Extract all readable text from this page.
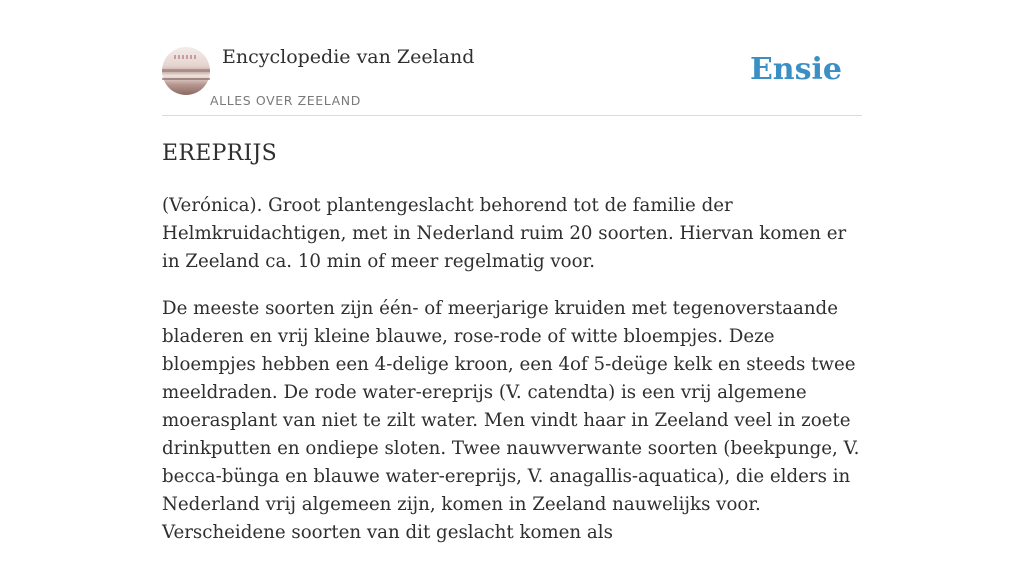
Encyclopedie van Zeeland
ALLES OVER ZEELAND
Ensie
EREPRIJS

(Verónica). Groot plantengeslacht behorend tot de familie der Helmkruidachtigen, met in Nederland ruim 20 soorten. Hiervan komen er in Zeeland ca. 10 min of meer regelmatig voor.

De meeste soorten zijn één- of meerjarige kruiden met tegenoverstaande bladeren en vrij kleine blauwe, rose-rode of witte bloempjes. Deze bloempjes hebben een 4-delige kroon, een 4of 5-deüge kelk en steeds twee meeldraden. De rode water-ereprijs (V. catendta) is een vrij algemene moerasplant van niet te zilt water. Men vindt haar in Zeeland veel in zoete drinkputten en ondiepe sloten. Twee nauwverwante soorten (beekpunge, V. becca-bünga en blauwe water-ereprijs, V. anagallis-aquatica), die elders in Nederland vrij algemeen zijn, komen in Zeeland nauwelijks voor. Verscheidene soorten van dit geslacht komen als
